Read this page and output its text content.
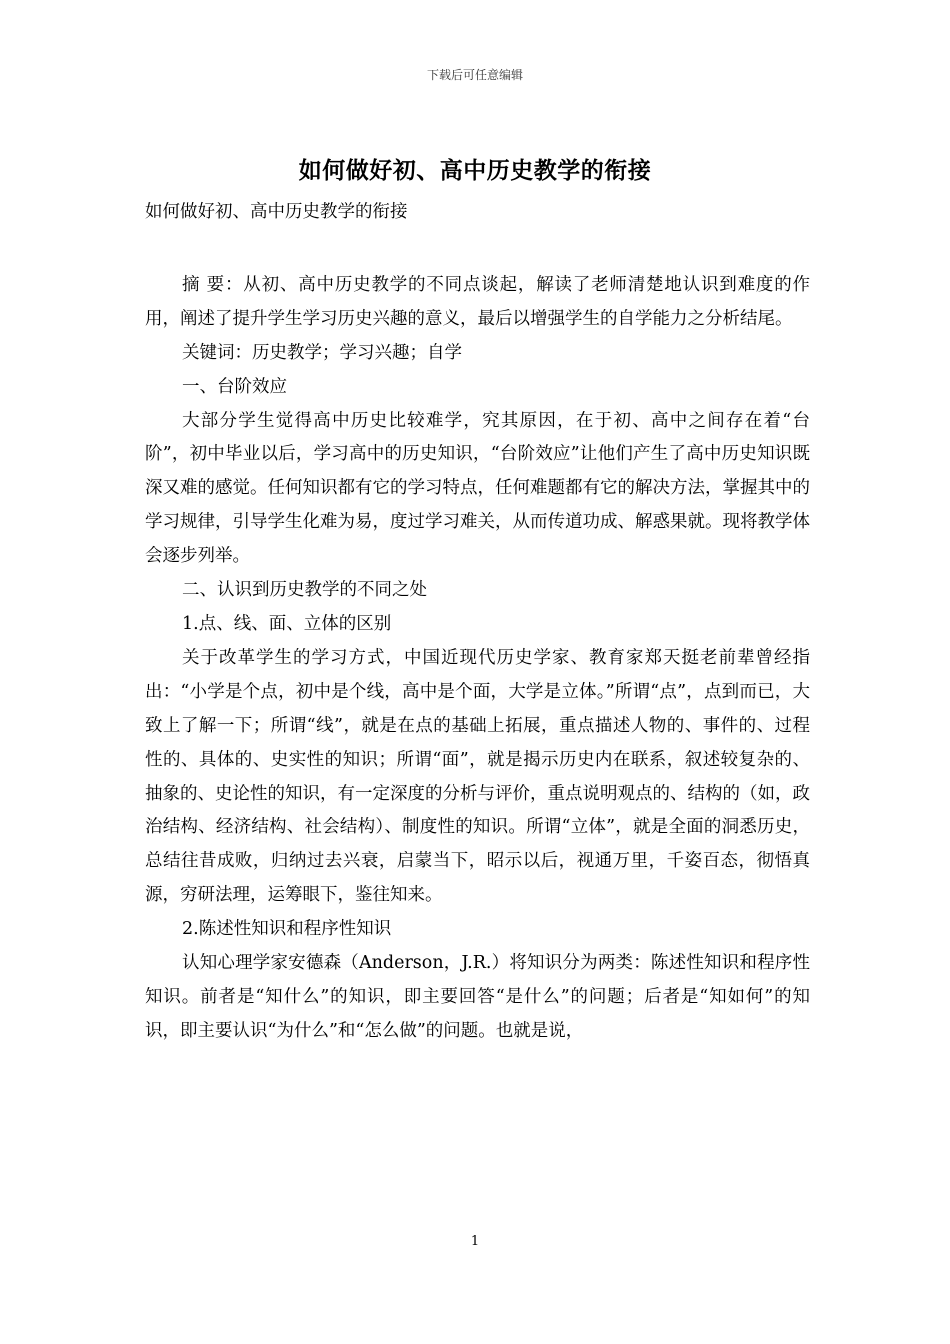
下载后可任意编辑
如何做好初、高中历史教学的衔接

如何做好初、高中历史教学的衔接

摘 要：从初、高中历史教学的不同点谈起，解读了老师清楚地认识到难度的作用，阐述了提升学生学习历史兴趣的意义，最后以增强学生的自学能力之分析结尾。

关键词：历史教学；学习兴趣；自学

一、台阶效应

大部分学生觉得高中历史比较难学，究其原因，在于初、高中之间存在着“台阶”，初中毕业以后，学习高中的历史知识，“台阶效应”让他们产生了高中历史知识既深又难的感觉。任何知识都有它的学习特点，任何难题都有它的解决方法，掌握其中的学习规律，引导学生化难为易，度过学习难关，从而传道功成、解惑果就。现将教学体会逐步列举。

二、认识到历史教学的不同之处

1.点、线、面、立体的区别

关于改革学生的学习方式，中国近现代历史学家、教育家郑天挺老前辈曾经指出：“小学是个点，初中是个线，高中是个面，大学是立体。”所谓“点”，点到而已，大致上了解一下；所谓“线”，就是在点的基础上拓展，重点描述人物的、事件的、过程性的、具体的、史实性的知识；所谓“面”，就是揭示历史内在联系，叙述较复杂的、抽象的、史论性的知识，有一定深度的分析与评价，重点说明观点的、结构的（如，政治结构、经济结构、社会结构）、制度性的知识。所谓“立体”，就是全面的洞悉历史，总结往昔成败，归纳过去兴衰，启蒙当下，昭示以后，视通万里，千姿百态，彻悟真源，穷研法理，运筹眼下，鉴往知来。

2.陈述性知识和程序性知识

认知心理学家安德森（Anderson，J.R.）将知识分为两类：陈述性知识和程序性知识。前者是“知什么”的知识，即主要回答“是什么”的问题；后者是“知如何”的知识，即主要认识“为什么”和“怎么做”的问题。也就是说，

1
